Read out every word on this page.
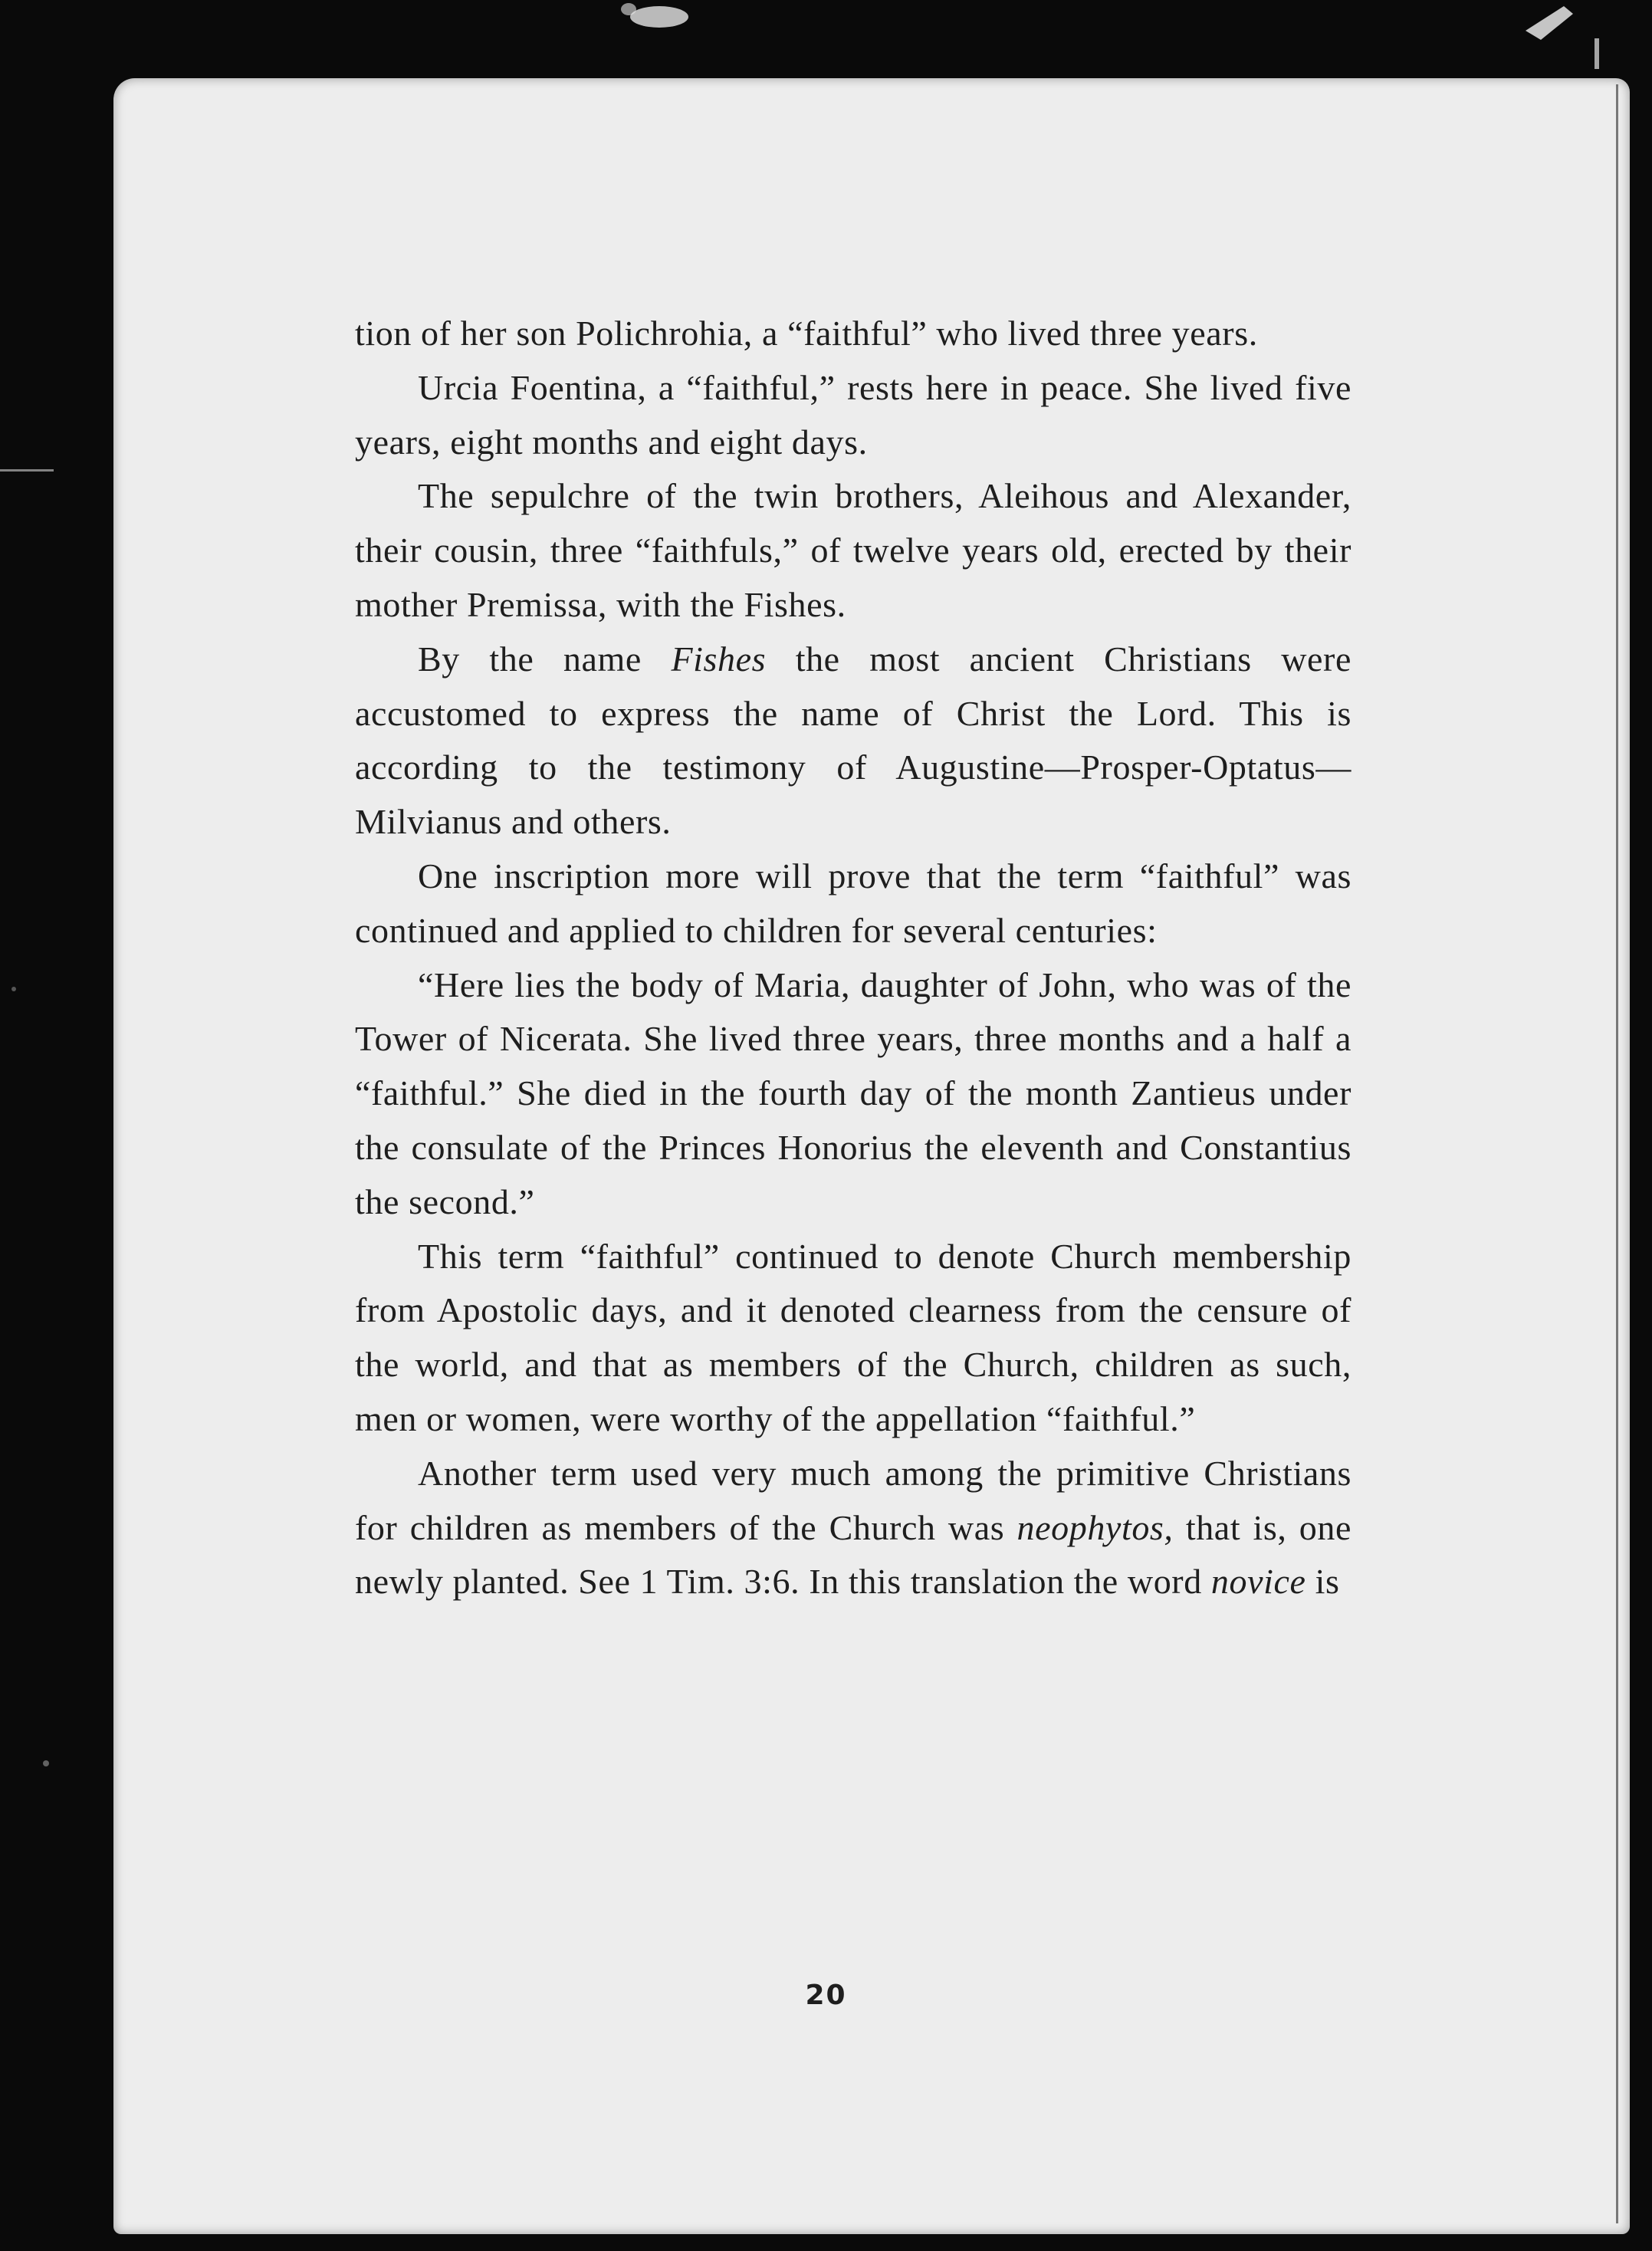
tion of her son Polichrohia, a “faithful” who lived three years.

Urcia Foentina, a “faithful,” rests here in peace. She lived five years, eight months and eight days.

The sepulchre of the twin brothers, Aleihous and Alexander, their cousin, three “faithfuls,” of twelve years old, erected by their mother Premissa, with the Fishes.

By the name Fishes the most ancient Christians were accustomed to express the name of Christ the Lord. This is according to the testimony of Augustine—Prosper-Optatus—Milvianus and others.

One inscription more will prove that the term “faithful” was continued and applied to children for several centuries:

“Here lies the body of Maria, daughter of John, who was of the Tower of Nicerata. She lived three years, three months and a half a “faithful.” She died in the fourth day of the month Zantieus under the consulate of the Princes Honorius the eleventh and Constantius the second.”

This term “faithful” continued to denote Church membership from Apostolic days, and it denoted clearness from the censure of the world, and that as members of the Church, children as such, men or women, were worthy of the appellation “faithful.”

Another term used very much among the primitive Christians for children as members of the Church was neophytos, that is, one newly planted. See 1 Tim. 3:6. In this translation the word novice is

20
